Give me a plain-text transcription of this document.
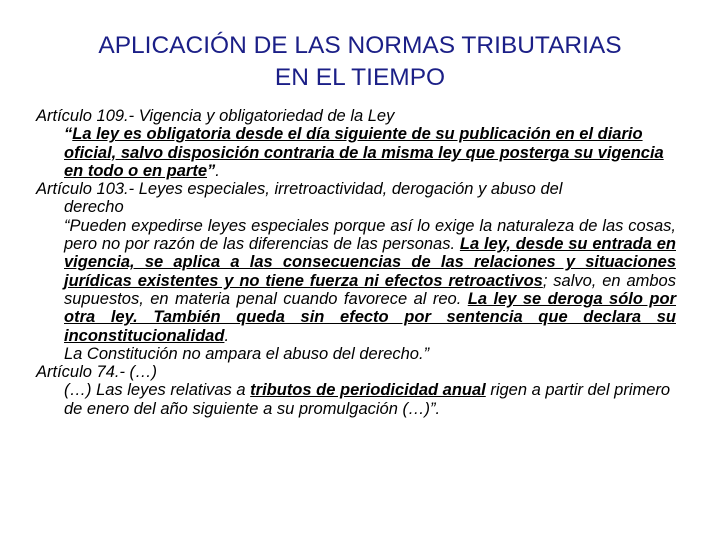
APLICACIÓN DE LAS NORMAS TRIBUTARIAS
EN EL TIEMPO
Artículo 109.- Vigencia y obligatoriedad de la Ley
“La ley es obligatoria desde el día siguiente de su publicación en el diario oficial, salvo disposición contraria de la misma ley que posterga su vigencia en todo o en parte”.
Artículo 103.- Leyes especiales, irretroactividad, derogación y abuso del
derecho
“Pueden expedirse leyes especiales porque así lo exige la naturaleza de las cosas, pero no por razón de las diferencias de las personas. La ley, desde su entrada en vigencia, se aplica a las consecuencias de las relaciones y situaciones jurídicas existentes y no tiene fuerza ni efectos retroactivos; salvo, en ambos supuestos, en materia penal cuando favorece al reo. La ley se deroga sólo por otra ley. También queda sin efecto por sentencia que declara su inconstitucionalidad.
La Constitución no ampara el abuso del derecho.”
Artículo 74.- (…)
(…) Las leyes relativas a tributos de periodicidad anual rigen a partir del primero de enero del año siguiente a su promulgación (…)”.
